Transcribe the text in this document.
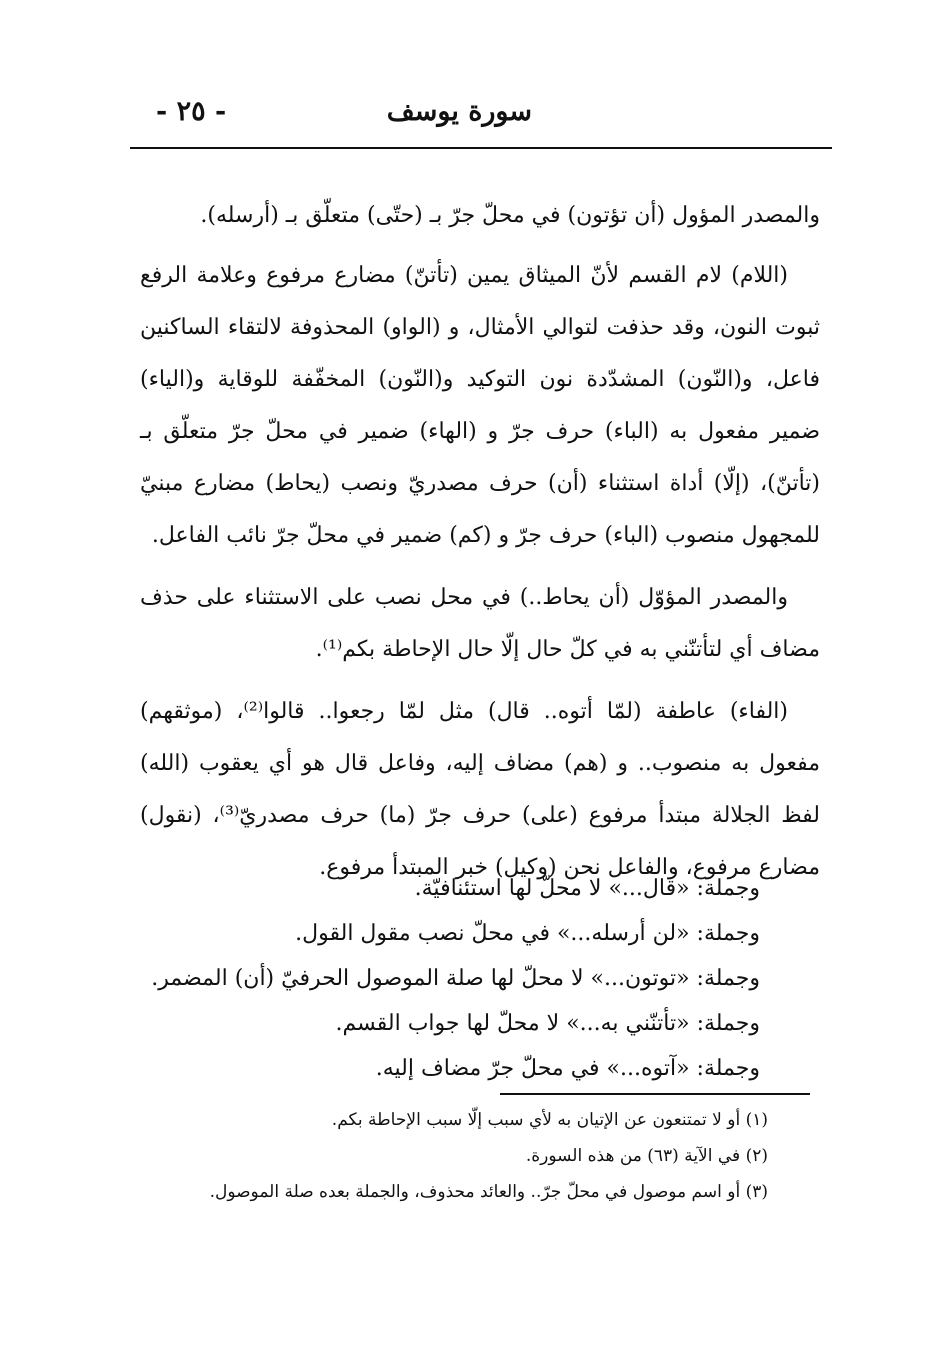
سورة يوسف
- ٢٥ -

والمصدر المؤول (أن تؤتون) في محلّ جرّ بـ (حتّى) متعلّق بـ (أرسله).

(اللام) لام القسم لأنّ الميثاق يمين (تأتنّ) مضارع مرفوع وعلامة الرفع ثبوت النون، وقد حذفت لتوالي الأمثال، و (الواو) المحذوفة لالتقاء الساكنين فاعل، و(النّون) المشدّدة نون التوكيد و(النّون) المخفّفة للوقاية و(الياء) ضمير مفعول به (الباء) حرف جرّ و (الهاء) ضمير في محلّ جرّ متعلّق بـ (تأتنّ)، (إلّا) أداة استثناء (أن) حرف مصدريّ ونصب (يحاط) مضارع مبنيّ للمجهول منصوب (الباء) حرف جرّ و (كم) ضمير في محلّ جرّ نائب الفاعل.

والمصدر المؤوّل (أن يحاط..) في محل نصب على الاستثناء على حذف مضاف أي لتأتنّني به في كلّ حال إلّا حال الإحاطة بكم⁽¹⁾.

(الفاء) عاطفة (لمّا أتوه.. قال) مثل لمّا رجعوا.. قالوا⁽²⁾، (موثقهم) مفعول به منصوب.. و (هم) مضاف إليه، وفاعل قال هو أي يعقوب (الله) لفظ الجلالة مبتدأ مرفوع (على) حرف جرّ (ما) حرف مصدريّ⁽³⁾، (نقول) مضارع مرفوع، والفاعل نحن (وكيل) خبر المبتدأ مرفوع.

وجملة: «قال...» لا محلّ لها استئنافيّة.
وجملة: «لن أرسله...» في محلّ نصب مقول القول.
وجملة: «توتون...» لا محلّ لها صلة الموصول الحرفيّ (أن) المضمر.
وجملة: «تأتنّني به...» لا محلّ لها جواب القسم.
وجملة: «آتوه...» في محلّ جرّ مضاف إليه.
(١) أو لا تمتنعون عن الإتيان به لأي سبب إلّا سبب الإحاطة بكم.
(٢) في الآية (٦٣) من هذه السورة.
(٣) أو اسم موصول في محلّ جرّ.. والعائد محذوف، والجملة بعده صلة الموصول.
